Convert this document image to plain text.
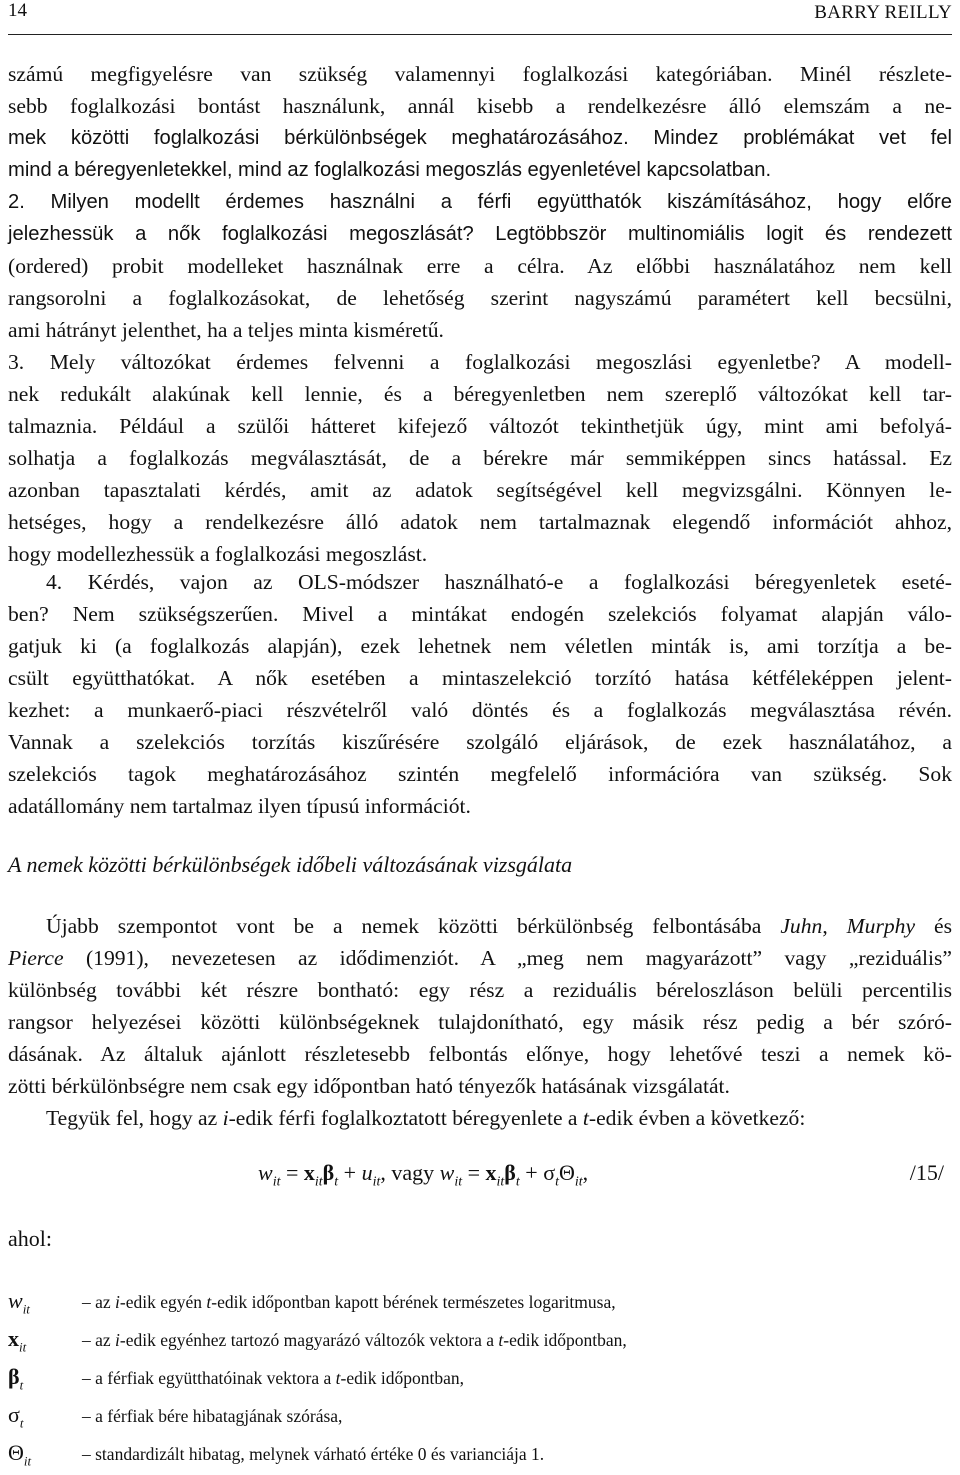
14	BARRY REILLY
számú megfigyelésre van szükség valamennyi foglalkozási kategóriában. Minél részlete-
sebb foglalkozási bontást használunk, annál kisebb a rendelkezésre álló elemszám a ne-
mek közötti foglalkozási bérkülönbségek meghatározásához. Mindez problémákat vet fel
mind a béregyenletekkel, mind az foglalkozási megoszlás egyenletével kapcsolatban.
2. Milyen modellt érdemes használni a férfi együtthatók kiszámításához, hogy előre
jelezhessük a nők foglalkozási megoszlását? Legtöbbször multinomiális logit és rendezett
(ordered) probit modelleket használnak erre a célra. Az előbbi használatához nem kell
rangsorolni a foglalkozásokat, de lehetőség szerint nagyszámú paramétert kell becsülni,
ami hátrányt jelenthet, ha a teljes minta kisméretű.
3. Mely változókat érdemes felvenni a foglalkozási megoszlási egyenletbe? A modell-
nek redukált alakúnak kell lennie, és a béregyenletben nem szereplő változókat kell tar-
talmaznia. Például a szülői hátteret kifejező változót tekinthetjük úgy, mint ami befolyá-
solhatja a foglalkozás megválasztását, de a bérekre már semmiképpen sincs hatással. Ez
azonban tapasztalati kérdés, amit az adatok segítségével kell megvizsgálni. Könnyen le-
hetséges, hogy a rendelkezésre álló adatok nem tartalmaznak elegendő információt ahhoz,
hogy modellezhessük a foglalkozási megoszlást.
4. Kérdés, vajon az OLS-módszer használható-e a foglalkozási béregyenletek eseté-
ben? Nem szükségszerűen. Mivel a mintákat endogén szelekciós folyamat alapján válo-
gatjuk ki (a foglalkozás alapján), ezek lehetnek nem véletlen minták is, ami torzítja a be-
csült együtthatókat. A nők esetében a mintaszelekció torzító hatása kétféleképpen jelent-
kezhet: a munkaerő-piaci részvételről való döntés és a foglalkozás megválasztása révén.
Vannak a szelekciós torzítás kiszűrésére szolgáló eljárások, de ezek használatához, a
szelekciós tagok meghatározásához szintén megfelelő információra van szükség. Sok
adatállomány nem tartalmaz ilyen típusú információt.
A nemek közötti bérkülönbségek időbeli változásának vizsgálata
Újabb szempontot vont be a nemek közötti bérkülönbség felbontásába Juhn, Murphy és
Pierce (1991), nevezetesen az idődimenziót. A „meg nem magyarázott” vagy „reziduális”
különbség további két részre bontható: egy rész a reziduális béreloszláson belüli percentilis
rangsor helyezései közötti különbségeknek tulajdonítható, egy másik rész pedig a bér szóró-
dásának. Az általuk ajánlott részletesebb felbontás előnye, hogy lehetővé teszi a nemek kö-
zötti bérkülönbségre nem csak egy időpontban ható tényezők hatásának vizsgálatát.
Tegyük fel, hogy az i-edik férfi foglalkoztatott béregyenlete a t-edik évben a következő:
$w_{it} = x_{it}\beta_t + u_{it}$, vagy $w_{it} = x_{it}\beta_t + \sigma_t\Theta_{it}$,	/15/
ahol:
$w_{it}$	– az i-edik egyén t-edik időpontban kapott bérének természetes logaritmusa,
$x_{it}$	– az i-edik egyénhez tartozó magyarázó változók vektora a t-edik időpontban,
$\beta_t$	– a férfiak együtthatóinak vektora a t-edik időpontban,
$\sigma_t$	– a férfiak bére hibatagjának szórása,
$\Theta_{it}$	– standardizált hibatag, melynek várható értéke 0 és varianciája 1.
